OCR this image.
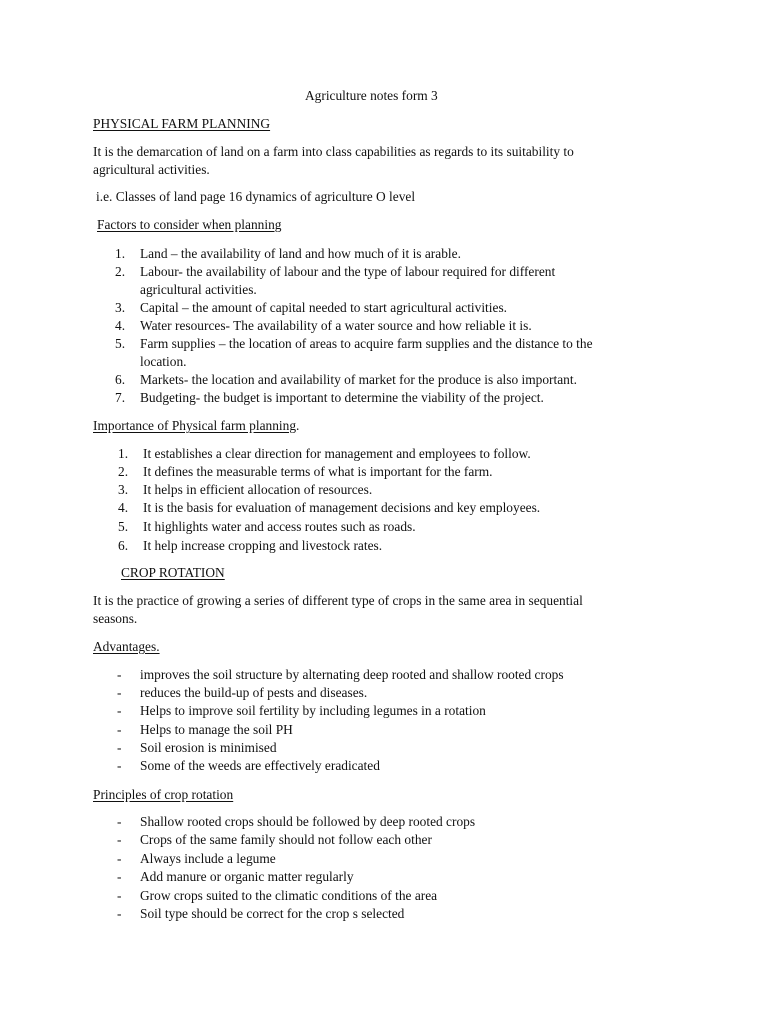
Agriculture notes form 3
PHYSICAL FARM PLANNING
It is the demarcation of land on a farm into class capabilities as regards to its suitability to
agricultural activities.
i.e. Classes of land page 16 dynamics of agriculture O level
Factors to consider when planning
1. Land – the availability of land and how much of it is arable.
2. Labour- the availability of labour and the type of labour required for different
agricultural activities.
3. Capital – the amount of capital needed to start agricultural activities.
4. Water resources- The availability of a water source and how reliable it is.
5. Farm supplies – the location of areas to acquire farm supplies and the distance to the
location.
6. Markets- the location and availability of market for the produce is also important.
7. Budgeting- the budget is important to determine the viability of the project.
Importance of Physical farm planning.
1. It establishes a clear direction for management and employees to follow.
2. It defines the measurable terms of what is important for the farm.
3. It helps in efficient allocation of resources.
4. It is the basis for evaluation of management decisions and key employees.
5. It highlights water and access routes such as roads.
6. It help increase cropping and livestock rates.
CROP ROTATION
It is the practice of growing a series of different type of crops in the same area in sequential
seasons.
Advantages.
- improves the soil structure by alternating deep rooted and shallow rooted crops
- reduces the build-up of pests and diseases.
- Helps to improve soil fertility by including legumes in a rotation
- Helps to manage the soil PH
- Soil erosion is minimised
- Some of the weeds are effectively eradicated
Principles of crop rotation
- Shallow rooted crops should be followed by deep rooted crops
- Crops of the same family should not follow each other
- Always include a legume
- Add manure or organic matter regularly
- Grow crops suited to the climatic conditions of the area
- Soil type should be correct for the crop s selected
